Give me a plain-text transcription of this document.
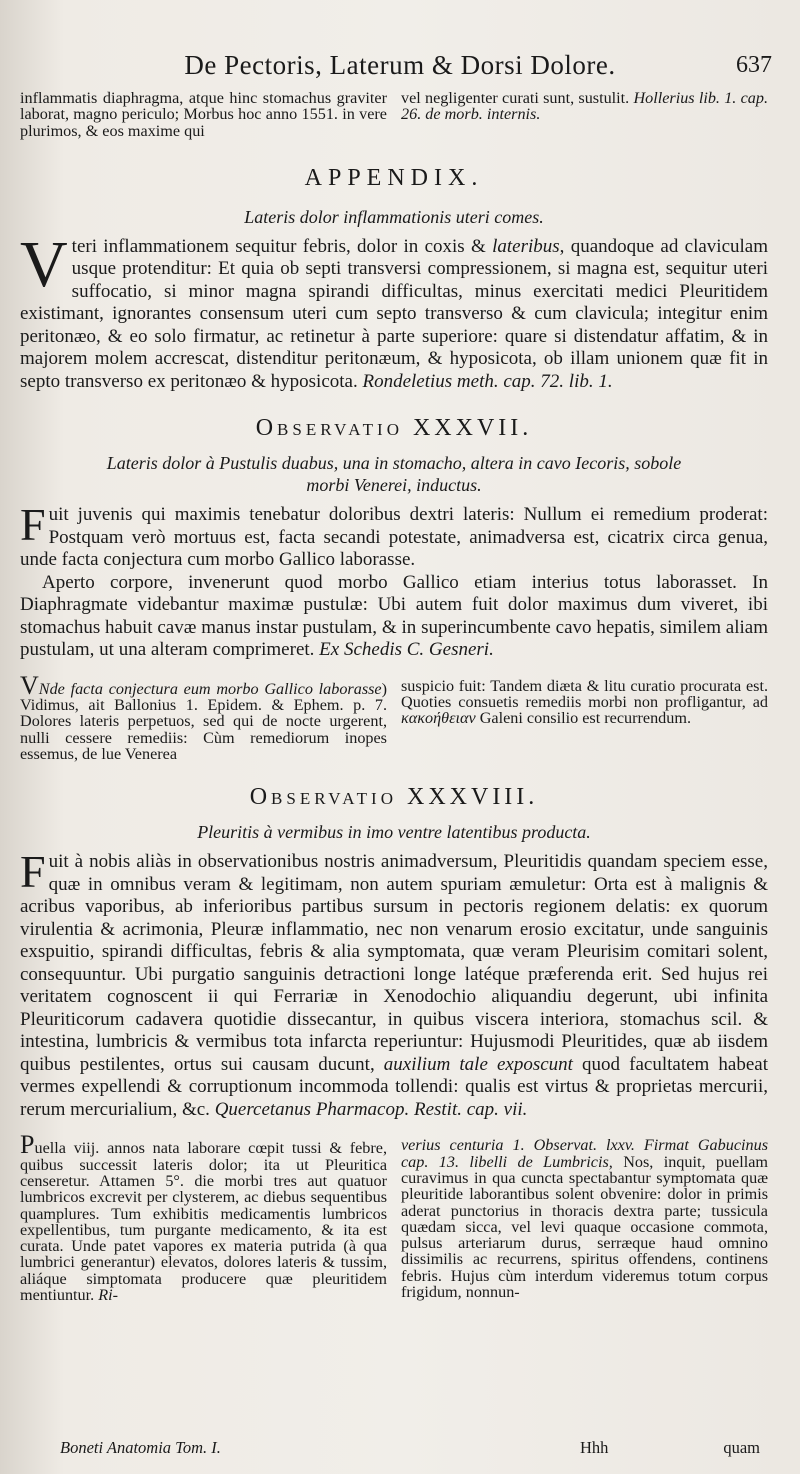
De Pectoris, Laterum & Dorsi Dolore.	637
inflammatis diaphragma, atque hinc stomachus graviter laborat, magno periculo; Morbus hoc anno 1551. in vere plurimos, & eos maxime qui
vel negligenter curati sunt, sustulit. Hollerius lib. 1. cap. 26. de morb. internis.
APPENDIX.
Lateris dolor inflammationis uteri comes.

Vteri inflammationem sequitur febris, dolor in coxis & lateribus, quandoque ad claviculam usque protenditur: Et quia ob septi transversi compressionem, si magna est, sequitur uteri suffocatio, si minor magna spirandi difficultas, minus exercitati medici Pleuritidem existimant, ignorantes consensum uteri cum septo transverso & cum clavicula; integitur enim peritonæo, & eo solo firmatur, ac retinetur à parte superiore: quare si distendatur affatim, & in majorem molem accrescat, distenditur peritonæum, & hyposicota, ob illam unionem quæ fit in septo transverso ex peritonæo & hyposicota. Rondeletius meth. cap. 72. lib. 1.

Observatio XXXVII.
Lateris dolor à Pustulis duabus, una in stomacho, altera in cavo Iecoris, sobole
morbi Venerei, inductus.

Fuit juvenis qui maximis tenebatur doloribus dextri lateris: Nullum ei remedium proderat: Postquam verò mortuus est, facta secandi potestate, animadversa est, cicatrix circa genua, unde facta conjectura cum morbo Gallico laborasse.

Aperto corpore, invenerunt quod morbo Gallico etiam interius totus laborasset. In Diaphragmate videbantur maximæ pustulæ: Ubi autem fuit dolor maximus dum viveret, ibi stomachus habuit cavæ manus instar pustulam, & in superincumbente cavo hepatis, similem aliam pustulam, ut una alteram comprimeret. Ex Schedis C. Gesneri.

VNde facta conjectura eum morbo Gallico laborasse) Vidimus, ait Ballonius 1. Epidem. & Ephem. p. 7. Dolores lateris perpetuos, sed qui de nocte urgerent, nulli cessere remediis: Cùm remediorum inopes essemus, de lue Venerea
suspicio fuit: Tandem diæta & litu curatio procurata est. Quoties consuetis remediis morbi non profligantur, ad κακοήθειαν Galeni consilio est recurrendum.
Observatio XXXVIII.
Pleuritis à vermibus in imo ventre latentibus producta.

Fuit à nobis aliàs in observationibus nostris animadversum, Pleuritidis quandam speciem esse, quæ in omnibus veram & legitimam, non autem spuriam æmuletur: Orta est à malignis & acribus vaporibus, ab inferioribus partibus sursum in pectoris regionem delatis: ex quorum virulentia & acrimonia, Pleuræ inflammatio, nec non venarum erosio excitatur, unde sanguinis exspuitio, spirandi difficultas, febris & alia symptomata, quæ veram Pleurisim comitari solent, consequuntur. Ubi purgatio sanguinis detractioni longe latéque præferenda erit. Sed hujus rei veritatem cognoscent ii qui Ferrariæ in Xenodochio aliquandiu degerunt, ubi infinita Pleuriticorum cadavera quotidie dissecantur, in quibus viscera interiora, stomachus scil. & intestina, lumbricis & vermibus tota infarcta reperiuntur: Hujusmodi Pleuritides, quæ ab iisdem quibus pestilentes, ortus sui causam ducunt, auxilium tale exposcunt quod facultatem habeat vermes expellendi & corruptionum incommoda tollendi: qualis est virtus & proprietas mercurii, rerum mercurialium, &c. Quercetanus Pharmacop. Restit. cap. vii.

Puella viij. annos nata laborare cœpit tussi & febre, quibus successit lateris dolor; ita ut Pleuritica censeretur. Attamen 5°. die morbi tres aut quatuor lumbricos excrevit per clysterem, ac diebus sequentibus quamplures. Tum exhibitis medicamentis lumbricos expellentibus, tum purgante medicamento, & ita est curata. Unde patet vapores ex materia putrida (à qua lumbrici generantur) elevatos, dolores lateris & tussim, aliáque simptomata producere quæ pleuritidem mentiuntur. Ri-
verius centuria 1. Observat. lxxv. Firmat Gabucinus cap. 13. libelli de Lumbricis, Nos, inquit, puellam curavimus in qua cuncta spectabantur symptomata quæ pleuritide laborantibus solent obvenire: dolor in primis aderat punctorius in thoracis dextra parte; tussicula quædam sicca, vel levi quaque occasione commota, pulsus arteriarum durus, serræque haud omnino dissimilis ac recurrens, spiritus offendens, continens febris. Hujus cùm interdum videremus totum corpus frigidum, nonnun-
Boneti Anatomia Tom. I.	Hhh	quam
